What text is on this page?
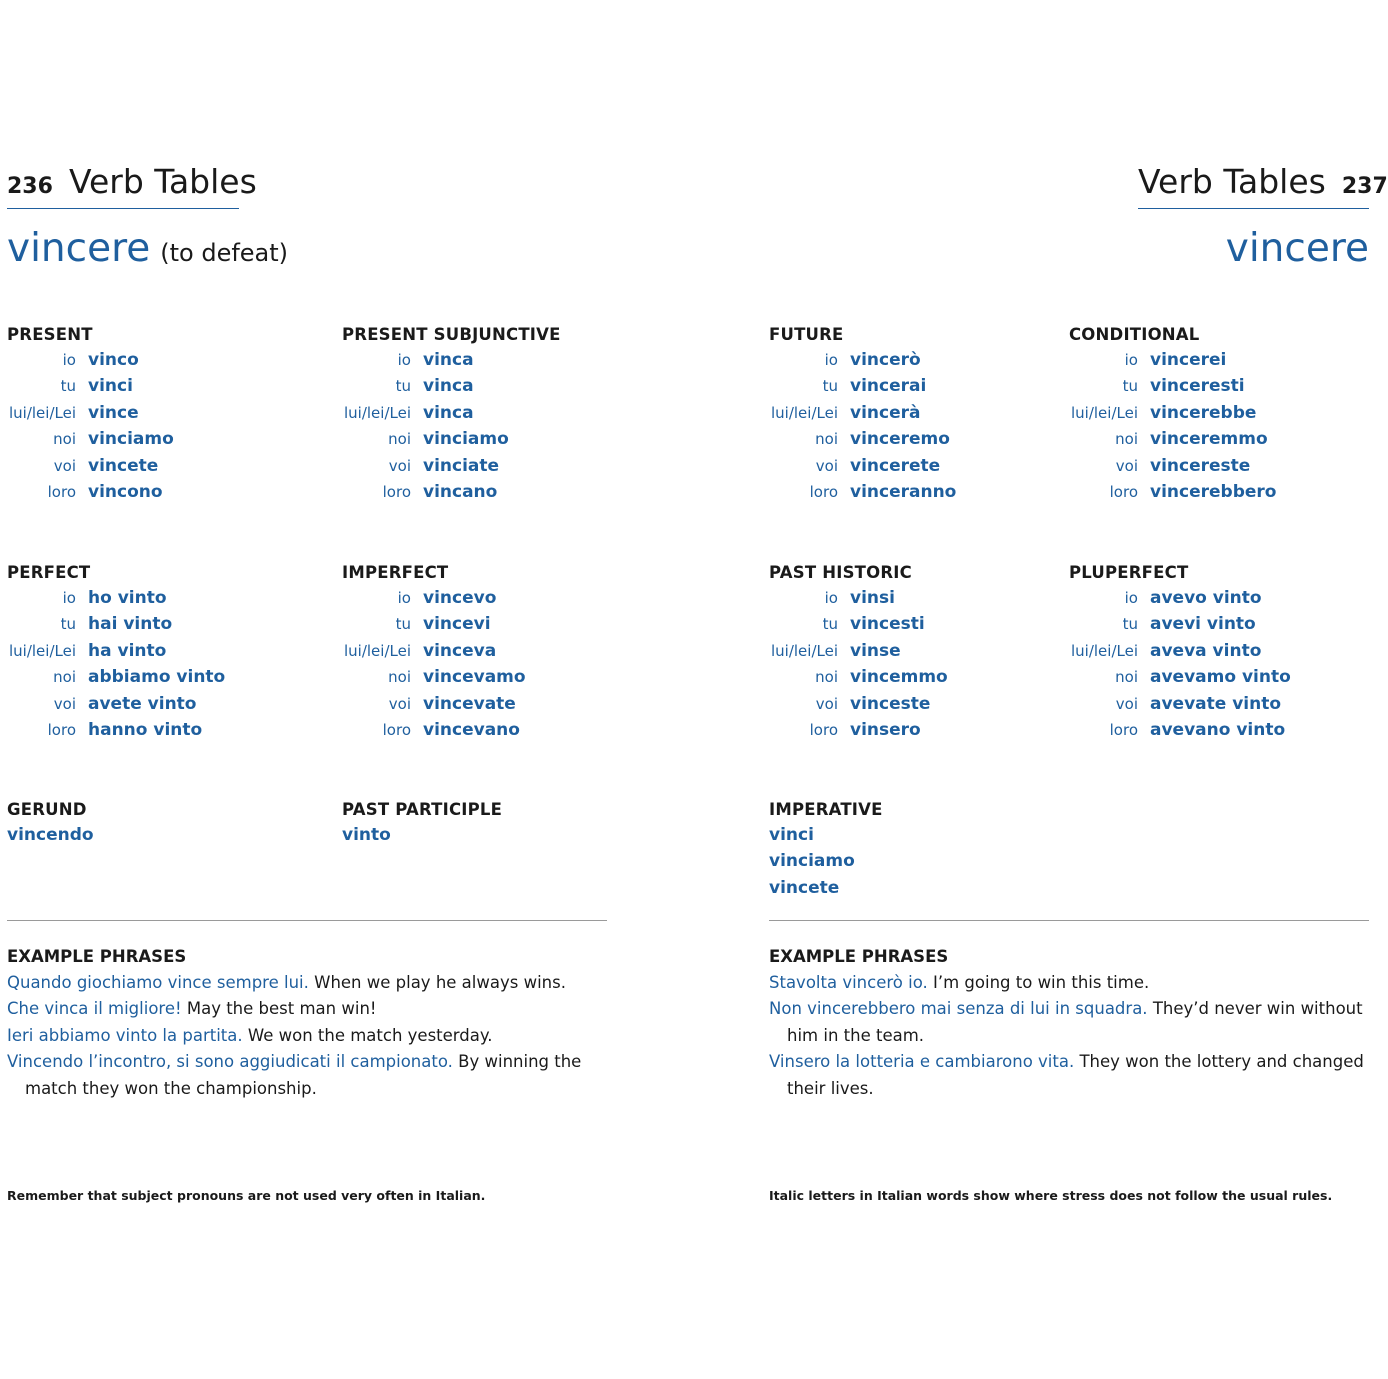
236 Verb Tables
vincere (to defeat)
Verb Tables 237
vincere
PRESENT
io vinco
tu vinci
lui/lei/Lei vince
noi vinciamo
voi vincete
loro vincono
PRESENT SUBJUNCTIVE
io vinca
tu vinca
lui/lei/Lei vinca
noi vinciamo
voi vinciate
loro vincano
PERFECT
io ho vinto
tu hai vinto
lui/lei/Lei ha vinto
noi abbiamo vinto
voi avete vinto
loro hanno vinto
IMPERFECT
io vincevo
tu vincevi
lui/lei/Lei vinceva
noi vincevamo
voi vincevate
loro vincevano
FUTURE
io vincerò
tu vincerai
lui/lei/Lei vincerà
noi vinceremo
voi vincerete
loro vinceranno
CONDITIONAL
io vincerei
tu vinceresti
lui/lei/Lei vincerebbe
noi vinceremmo
voi vincereste
loro vincerebbero
PAST HISTORIC
io vinsi
tu vincesti
lui/lei/Lei vinse
noi vincemmo
voi vinceste
loro vinsero
PLUPERFECT
io avevo vinto
tu avevi vinto
lui/lei/Lei aveva vinto
noi avevamo vinto
voi avevate vinto
loro avevano vinto
GERUND
vincendo
PAST PARTICIPLE
vinto
IMPERATIVE
vinci
vinciamo
vincete
EXAMPLE PHRASES
Quando giochiamo vince sempre lui. When we play he always wins.
Che vinca il migliore! May the best man win!
Ieri abbiamo vinto la partita. We won the match yesterday.
Vincendo l’incontro, si sono aggiudicati il campionato. By winning the match they won the championship.
EXAMPLE PHRASES
Stavolta vincerò io. I’m going to win this time.
Non vincerebbero mai senza di lui in squadra. They’d never win without him in the team.
Vinsero la lotteria e cambiarono vita. They won the lottery and changed their lives.
Remember that subject pronouns are not used very often in Italian.	Italic letters in Italian words show where stress does not follow the usual rules.
